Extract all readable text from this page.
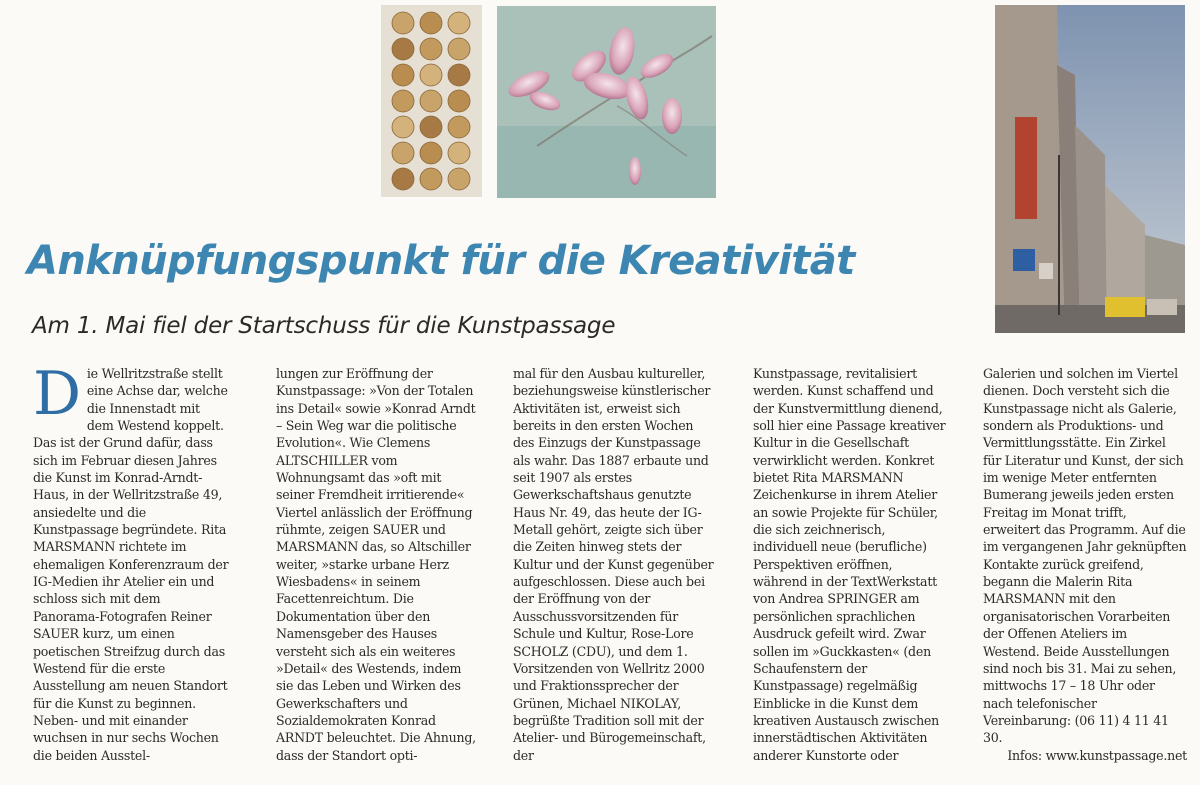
Anknüpfungspunkt für die Kreativität
Am 1. Mai fiel der Startschuss für die Kunstpassage

Die Wellritzstraße stellt eine Achse dar, welche die Innenstadt mit dem Westend koppelt. Das ist der Grund dafür, dass sich im Februar diesen Jahres die Kunst im Konrad-Arndt-Haus, in der Wellritzstraße 49, ansiedelte und die Kunstpassage begründete. Rita MARSMANN richtete im ehemaligen Konferenzraum der IG-Medien ihr Atelier ein und schloss sich mit dem Panorama-Fotografen Reiner SAUER kurz, um einen poetischen Streifzug durch das Westend für die erste Ausstellung am neuen Standort für die Kunst zu beginnen. Neben- und mit einander wuchsen in nur sechs Wochen die beiden Ausstel-

lungen zur Eröffnung der Kunstpassage: »Von der Totalen ins Detail« sowie »Konrad Arndt – Sein Weg war die politische Evolution«. Wie Clemens ALTSCHILLER vom Wohnungsamt das »oft mit seiner Fremdheit irritierende« Viertel anlässlich der Eröffnung rühmte, zeigen SAUER und MARSMANN das, so Altschiller weiter, »starke urbane Herz Wiesbadens« in seinem Facettenreichtum. Die Dokumentation über den Namensgeber des Hauses versteht sich als ein weiteres »Detail« des Westends, indem sie das Leben und Wirken des Gewerkschafters und Sozialdemokraten Konrad ARNDT beleuchtet. Die Ahnung, dass der Standort opti-

mal für den Ausbau kultureller, beziehungsweise künstlerischer Aktivitäten ist, erweist sich bereits in den ersten Wochen des Einzugs der Kunstpassage als wahr. Das 1887 erbaute und seit 1907 als erstes Gewerkschaftshaus genutzte Haus Nr. 49, das heute der IG-Metall gehört, zeigte sich über die Zeiten hinweg stets der Kultur und der Kunst gegenüber aufgeschlossen. Diese auch bei der Eröffnung von der Ausschussvorsitzenden für Schule und Kultur, Rose-Lore SCHOLZ (CDU), und dem 1. Vorsitzenden von Wellritz 2000 und Fraktionssprecher der Grünen, Michael NIKOLAY, begrüßte Tradition soll mit der Atelier- und Bürogemeinschaft, der

Kunstpassage, revitalisiert werden. Kunst schaffend und der Kunstvermittlung dienend, soll hier eine Passage kreativer Kultur in die Gesellschaft verwirklicht werden. Konkret bietet Rita MARSMANN Zeichenkurse in ihrem Atelier an sowie Projekte für Schüler, die sich zeichnerisch, individuell neue (berufliche) Perspektiven eröffnen, während in der TextWerkstatt von Andrea SPRINGER am persönlichen sprachlichen Ausdruck gefeilt wird. Zwar sollen im »Guckkasten« (den Schaufenstern der Kunstpassage) regelmäßig Einblicke in die Kunst dem kreativen Austausch zwischen innerstädtischen Aktivitäten anderer Kunstorte oder

Galerien und solchen im Viertel dienen. Doch versteht sich die Kunstpassage nicht als Galerie, sondern als Produktions- und Vermittlungsstätte. Ein Zirkel für Literatur und Kunst, der sich im wenige Meter entfernten Bumerang jeweils jeden ersten Freitag im Monat trifft, erweitert das Programm. Auf die im vergangenen Jahr geknüpften Kontakte zurück greifend, begann die Malerin Rita MARSMANN mit den organisatorischen Vorarbeiten der Offenen Ateliers im Westend. Beide Ausstellungen sind noch bis 31. Mai zu sehen, mittwochs 17 – 18 Uhr oder nach telefonischer Vereinbarung: (06 11) 4 11 41 30.

Infos: www.kunstpassage.net
